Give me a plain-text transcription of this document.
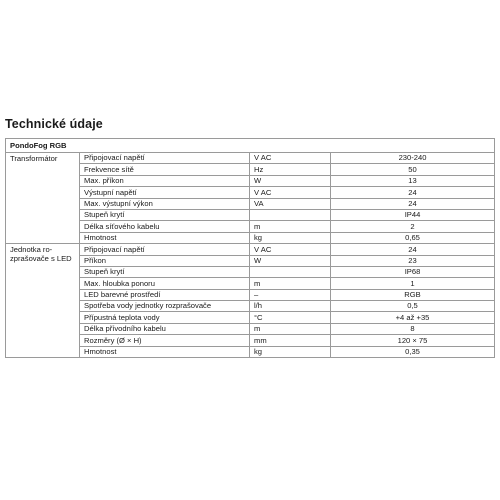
Technické údaje
PondoFog RGB			
Transformátor	Připojovací napětí	V AC	230-240
	Frekvence sítě	Hz	50
	Max. příkon	W	13
	Výstupní napětí	V AC	24
	Max. výstupní výkon	VA	24
	Stupeň krytí		IP44
	Délka síťového kabelu	m	2
	Hmotnost	kg	0,65
Jednotka ro-
zprašovače s LED	Připojovací napětí	V AC	24
	Příkon	W	23
	Stupeň krytí		IP68
	Max. hloubka ponoru	m	1
	LED barevné prostředí	–	RGB
	Spotřeba vody jednotky rozprašovače	l/h	0,5
	Přípustná teplota vody	°C	+4 až +35
	Délka přívodního kabelu	m	8
	Rozměry (Ø × H)	mm	120 × 75
	Hmotnost	kg	0,35
